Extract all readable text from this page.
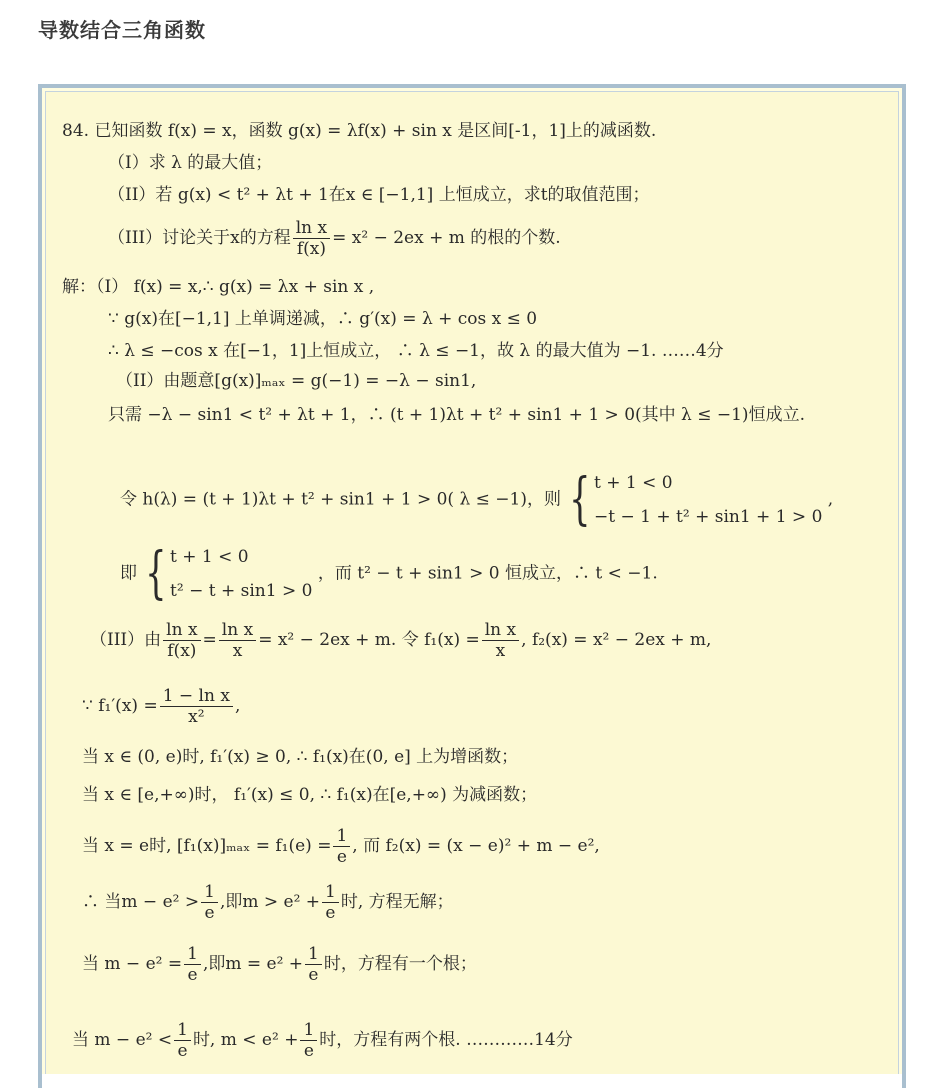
导数结合三角函数
84. 已知函数 f(x) = x，函数 g(x) = λf(x) + sin x 是区间[-1，1]上的减函数.
（I）求 λ 的最大值；
（II）若 g(x) < t² + λt + 1在x ∈ [−1,1] 上恒成立，求t的取值范围；
（III）讨论关于x的方程 $\frac{\text{ln x}}{f(x)} = x^2 - 2ex + m$ 的根的个数.
解：（I） f(x) = x,∴ g(x) = λx + sin x ,
∵ g(x)在[−1,1] 上单调递减，∴ g′(x) = λ + cos x ≤ 0
∴ λ ≤ −cos x 在[−1，1]上恒成立， ∴ λ ≤ −1，故 λ 的最大值为 −1. ……4分
（II）由题意[g(x)]ₘₐₓ = g(−1) = −λ − sin1,
只需 −λ − sin1 < t² + λt + 1，∴ (t + 1)λt + t² + sin1 + 1 > 0(其中 λ ≤ −1)恒成立.
令 h(λ) = (t + 1)λt + t² + sin1 + 1 > 0( λ ≤ −1)，则 { t + 1 < 0
−t − 1 + t² + sin1 + 1 > 0
,
即 { t + 1 < 0
t² − t + sin1 > 0
，而 t² − t + sin1 > 0 恒成立，∴ t < −1.
（III）由 $\frac{\text{ln x}}{f(x)} = \frac{\text{ln x}}{x} = x^2 - 2ex + m$. 令 $f_1(x) = \frac{\text{ln x}}{x}$ , f₂(x) = x² − 2ex + m,
∵ $f_1'(x) = \frac{\text{1 − ln x}}{\text{x²}}$ ,
当 x ∈ (0, e)时, f₁′(x) ≥ 0, ∴ f₁(x)在(0, e] 上为增函数；
当 x ∈ [e,+∞)时， f₁′(x) ≤ 0, ∴ f₁(x)在[e,+∞) 为减函数；
当 x = e时, $[f_1(x)]_{max} = f_1(e) = \frac{1}{e}$ , 而 f₂(x) = (x − e)² + m − e²,
∴ 当$m - e^2 > \frac{1}{e}$ ,即$m > e^2 + \frac{1}{e}$ 时, 方程无解；
当 $m - e^2 = \frac{1}{e}$ ,即$m = e^2 + \frac{1}{e}$ 时，方程有一个根；
当 $m - e^2 < \frac{1}{e}$ 时, $m < e^2 + \frac{1}{e}$ 时，方程有两个根. …………14分
